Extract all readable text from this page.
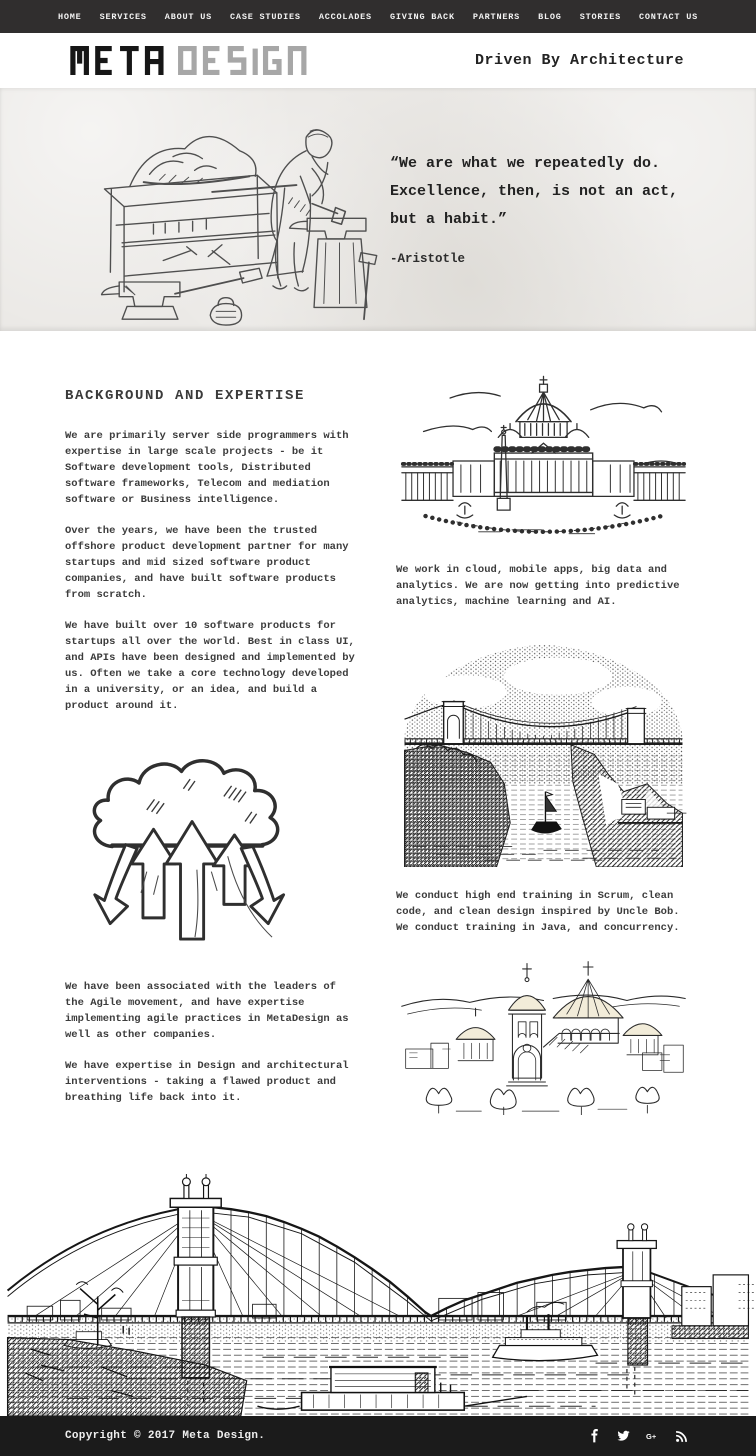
HOME	SERVICES	ABOUT US	CASE STUDIES	ACCOLADES	GIVING BACK	PARTNERS	BLOG	STORIES	CONTACT US
Driven By Architecture
“We are what we repeatedly do. Excellence, then, is not an act, but a habit.”
-Aristotle
BACKGROUND AND EXPERTISE

We are primarily server side programmers with expertise in large scale projects - be it Software development tools, Distributed software frameworks, Telecom and mediation software or Business intelligence.

Over the years, we have been the trusted offshore product development partner for many startups and mid sized software product companies, and have built software products from scratch.

We have built over 10 software products for startups all over the world. Best in class UI, and APIs have been designed and implemented by us. Often we take a core technology developed in a university, or an idea, and build a product around it.

We have been associated with the leaders of the Agile movement, and have expertise implementing agile practices in MetaDesign as well as other companies.

We have expertise in Design and architectural interventions - taking a flawed product and breathing life back into it.

We work in cloud, mobile apps, big data and analytics. We are now getting into predictive analytics, machine learning and AI.

We conduct high end training in Scrum, clean code, and clean design inspired by Uncle Bob. We conduct training in Java, and concurrency.

Copyright © 2017 Meta Design.	G+
